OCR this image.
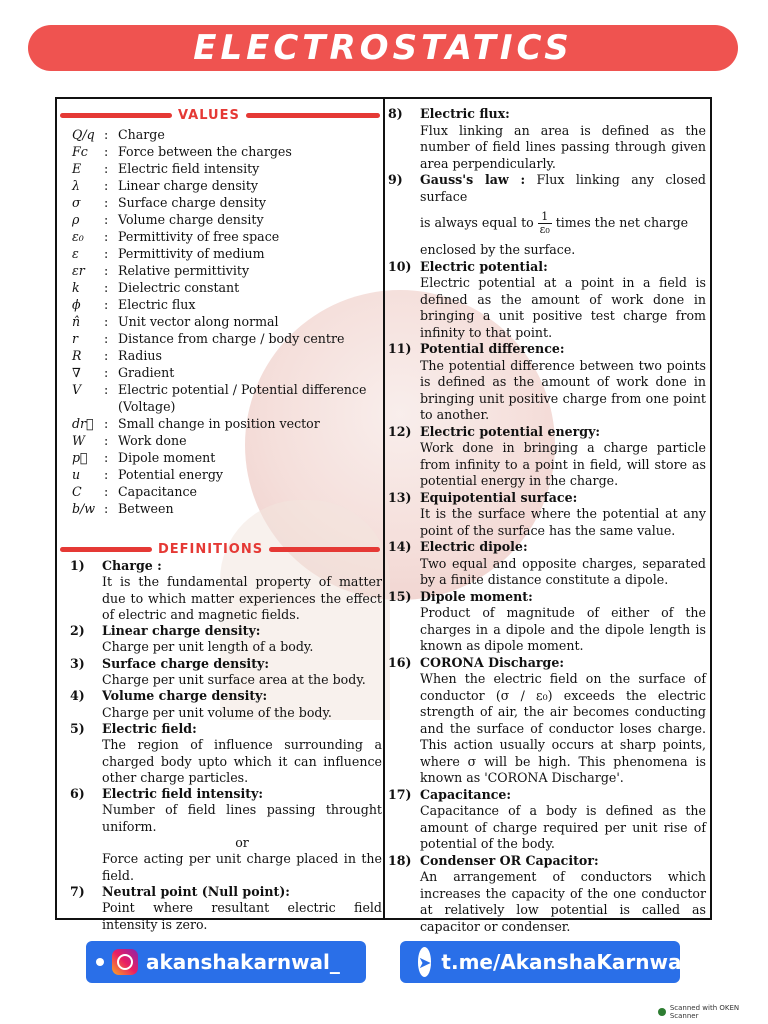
ELECTROSTATICS
VALUES
Q/q : Charge
Fc	: Force between the charges
E	: Electric field intensity
λ	: Linear charge density
σ	: Surface charge density
ρ	: Volume charge density
ε₀	: Permittivity of free space
ε	: Permittivity of medium
εr	: Relative permittivity
k	: Dielectric constant
ϕ	: Electric flux
n̂	: Unit vector along normal
r	: Distance from charge / body centre
R	: Radius
∇	: Gradient
V	: Electric potential / Potential difference (Voltage)
dr⃗ : Small change in position vector
W	: Work done
p⃗	: Dipole moment
u	: Potential energy
C	: Capacitance
b/w : Between
DEFINITIONS
1)	Charge :
It is the fundamental property of matter due to which matter experiences the effect of electric and magnetic fields.
2)	Linear charge density:
Charge per unit length of a body.
3)	Surface charge density:
Charge per unit surface area at the body.
4)	Volume charge density:
Charge per unit volume of the body.
5)	Electric field:
The region of influence surrounding a charged body upto which it can influence other charge particles.
6)	Electric field intensity:
Number of field lines passing throught uniform.
or
Force acting per unit charge placed in the field.
7)	Neutral point (Null point):
Point where resultant electric field intensity is zero.
8)	Electric flux:
Flux linking an area is defined as the number of field lines passing through given area perpendicularly.
9)	Gauss's law : Flux linking any closed surface
is always equal to $\frac{1}{\text{ε₀}}$ times the net charge
enclosed by the surface.
10) Electric potential:
Electric potential at a point in a field is defined as the amount of work done in bringing a unit positive test charge from infinity to that point.
11) Potential difference:
The potential difference between two points is defined as the amount of work done in bringing unit positive charge from one point to another.
12) Electric potential energy:
Work done in bringing a charge particle from infinity to a point in field, will store as potential energy in the charge.
13) Equipotential surface:
It is the surface where the potential at any point of the surface has the same value.
14) Electric dipole:
Two equal and opposite charges, separated by a finite distance constitute a dipole.
15) Dipole moment:
Product of magnitude of either of the charges in a dipole and the dipole length is known as dipole moment.
16) CORONA Discharge:
When the electric field on the surface of conductor (σ / ε₀) exceeds the electric strength of air, the air becomes conducting and the surface of conductor loses charge. This action usually occurs at sharp points, where σ will be high. This phenomena is known as 'CORONA Discharge'.
17) Capacitance:
Capacitance of a body is defined as the amount of charge required per unit rise of potential of the body.
18) Condenser OR Capacitor:
An arrangement of conductors which increases the capacity of the one conductor at relatively low potential is called as capacitor or condenser.
akanshakarnwal_	➤ t.me/AkanshaKarnwal
Scanned with OKEN Scanner
